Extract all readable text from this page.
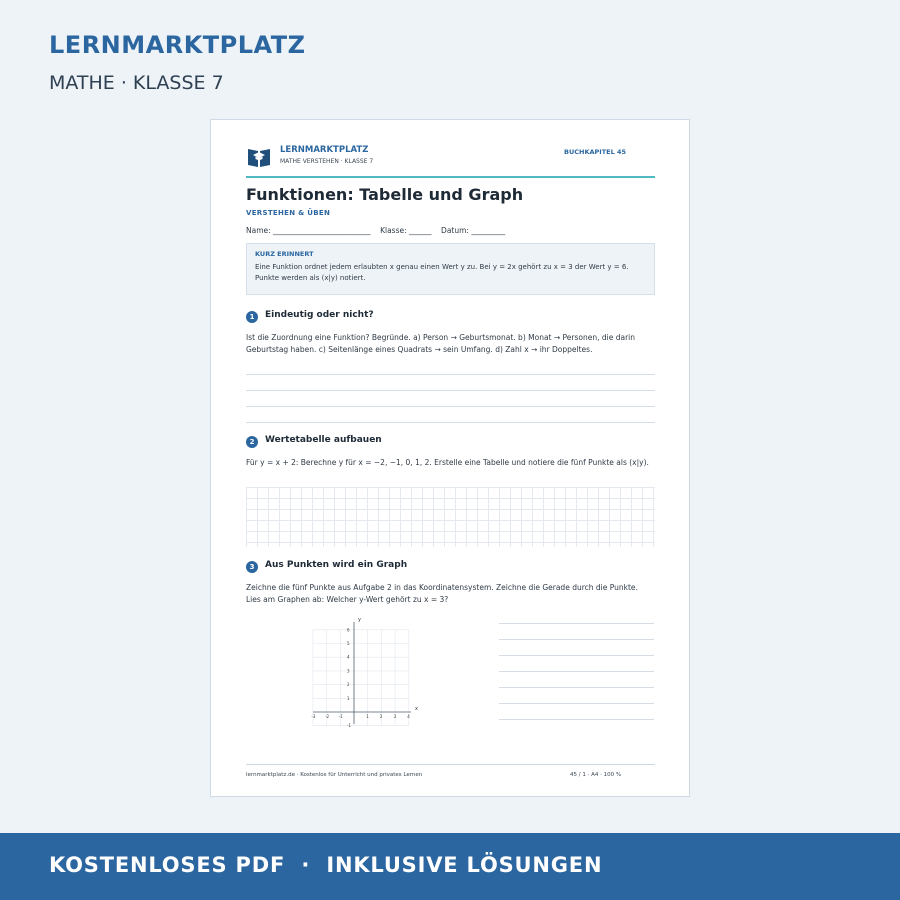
LERNMARKTPLATZ
MATHE · KLASSE 7
LERNMARKTPLATZ
MATHE VERSTEHEN · KLASSE 7
BUCHKAPITEL 45
Funktionen: Tabelle und Graph
VERSTEHEN & ÜBEN
Name: __________________________    Klasse: ______    Datum: _________
KURZ ERINNERT
Eine Funktion ordnet jedem erlaubten x genau einen Wert y zu. Bei y = 2x gehört zu x = 3 der Wert y = 6. Punkte werden als (x|y) notiert.
1	Eindeutig oder nicht?
Ist die Zuordnung eine Funktion? Begründe. a) Person → Geburtsmonat. b) Monat → Personen, die darin Geburtstag haben. c) Seitenlänge eines Quadrats → sein Umfang. d) Zahl x → ihr Doppeltes.
2	Wertetabelle aufbauen
Für y = x + 2: Berechne y für x = −2, −1, 0, 1, 2. Erstelle eine Tabelle und notiere die fünf Punkte als (x|y).
3	Aus Punkten wird ein Graph
Zeichne die fünf Punkte aus Aufgabe 2 in das Koordinatensystem. Zeichne die Gerade durch die Punkte. Lies am Graphen ab: Welcher y-Wert gehört zu x = 3?
x
y
-3 -2 -1	1	2	3	4
6
5
4
3
2
1
-1
lernmarktplatz.de · Kostenlos für Unterricht und privates Lernen	45 / 1 · A4 · 100 %
KOSTENLOSES PDF  ·  INKLUSIVE LÖSUNGEN
